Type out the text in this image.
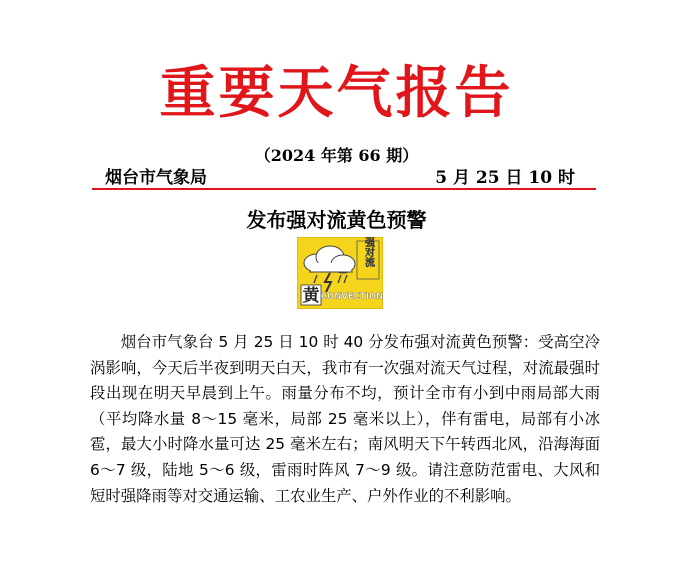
重要天气报告
（2024 年第 66 期）
烟台市气象局	5 月 25 日 10 时
发布强对流黄色预警
强对流
黄 CONVECTION

烟台市气象台 5 月 25 日 10 时 40 分发布强对流黄色预警：受高空冷涡影响，今天后半夜到明天白天，我市有一次强对流天气过程，对流最强时段出现在明天早晨到上午。雨量分布不均，预计全市有小到中雨局部大雨（平均降水量 8～15 毫米，局部 25 毫米以上），伴有雷电，局部有小冰雹，最大小时降水量可达 25 毫米左右；南风明天下午转西北风，沿海海面 6～7 级，陆地 5～6 级，雷雨时阵风 7～9 级。请注意防范雷电、大风和短时强降雨等对交通运输、工农业生产、户外作业的不利影响。
